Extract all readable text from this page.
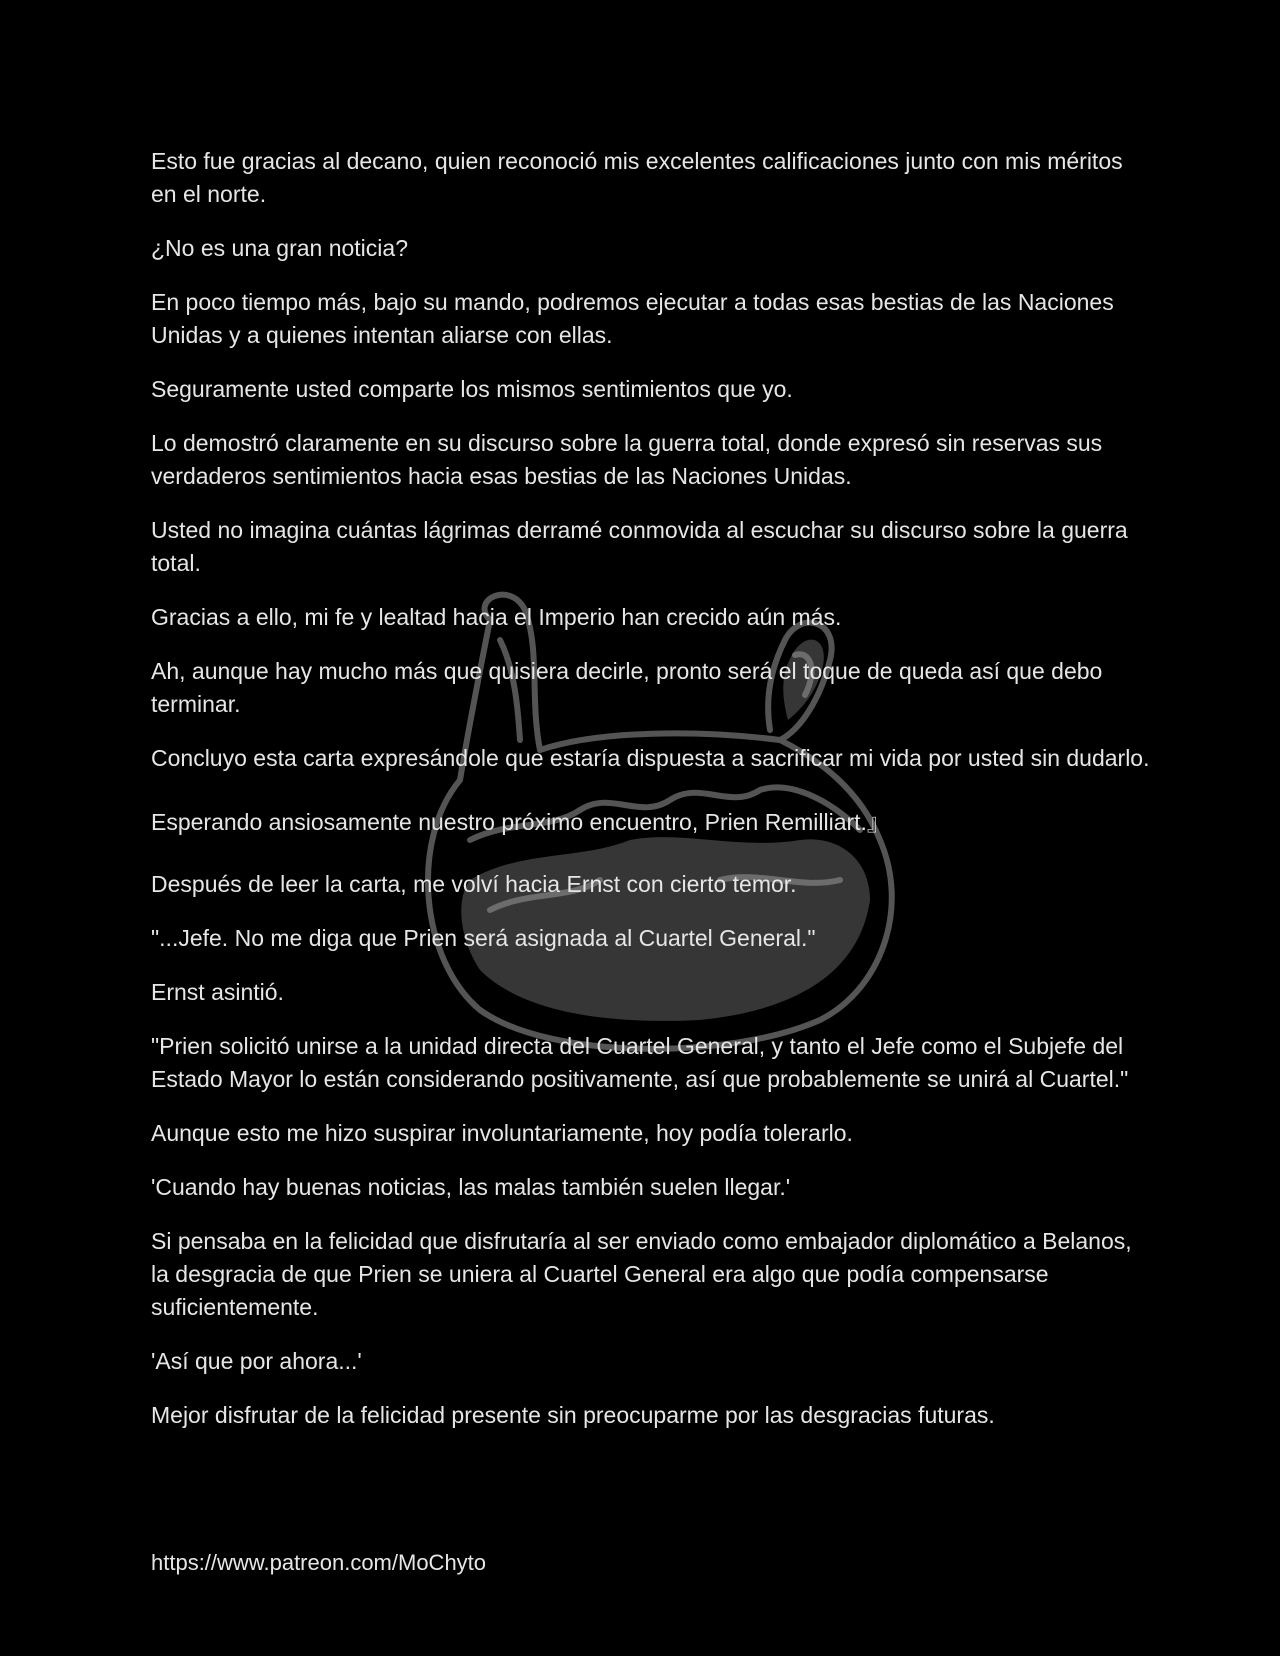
Esto fue gracias al decano, quien reconoció mis excelentes calificaciones junto con mis méritos en el norte.

¿No es una gran noticia?

En poco tiempo más, bajo su mando, podremos ejecutar a todas esas bestias de las Naciones Unidas y a quienes intentan aliarse con ellas.

Seguramente usted comparte los mismos sentimientos que yo.

Lo demostró claramente en su discurso sobre la guerra total, donde expresó sin reservas sus verdaderos sentimientos hacia esas bestias de las Naciones Unidas.

Usted no imagina cuántas lágrimas derramé conmovida al escuchar su discurso sobre la guerra total.

Gracias a ello, mi fe y lealtad hacia el Imperio han crecido aún más.

Ah, aunque hay mucho más que quisiera decirle, pronto será el toque de queda así que debo terminar.

Concluyo esta carta expresándole que estaría dispuesta a sacrificar mi vida por usted sin dudarlo.

Esperando ansiosamente nuestro próximo encuentro, Prien Remilliart.』

Después de leer la carta, me volví hacia Ernst con cierto temor.

"...Jefe. No me diga que Prien será asignada al Cuartel General."

Ernst asintió.

"Prien solicitó unirse a la unidad directa del Cuartel General, y tanto el Jefe como el Subjefe del Estado Mayor lo están considerando positivamente, así que probablemente se unirá al Cuartel."

Aunque esto me hizo suspirar involuntariamente, hoy podía tolerarlo.

'Cuando hay buenas noticias, las malas también suelen llegar.'

Si pensaba en la felicidad que disfrutaría al ser enviado como embajador diplomático a Belanos, la desgracia de que Prien se uniera al Cuartel General era algo que podía compensarse suficientemente.

'Así que por ahora...'

Mejor disfrutar de la felicidad presente sin preocuparme por las desgracias futuras.

https://www.patreon.com/MoChyto
